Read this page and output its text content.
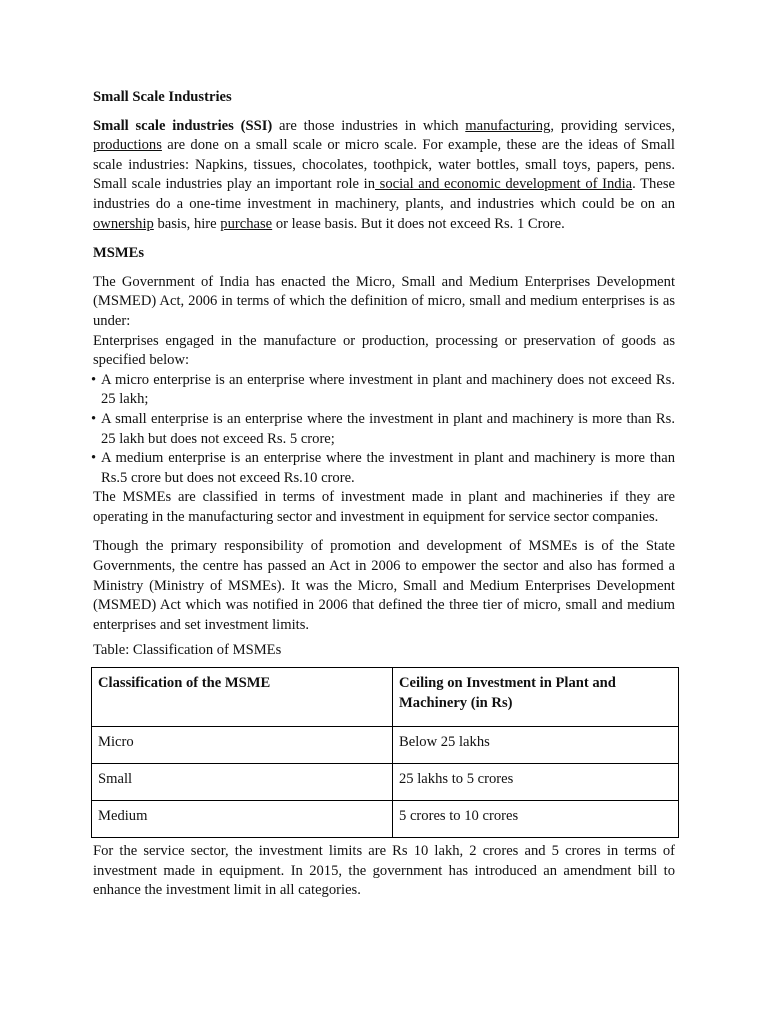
Small Scale Industries

Small scale industries (SSI) are those industries in which manufacturing, providing services, productions are done on a small scale or micro scale. For example, these are the ideas of Small scale industries: Napkins, tissues, chocolates, toothpick, water bottles, small toys, papers, pens. Small scale industries play an important role in social and economic development of India. These industries do a one-time investment in machinery, plants, and industries which could be on an ownership basis, hire purchase or lease basis. But it does not exceed Rs. 1 Crore.

MSMEs

The Government of India has enacted the Micro, Small and Medium Enterprises Development (MSMED) Act, 2006 in terms of which the definition of micro, small and medium enterprises is as under:

Enterprises engaged in the manufacture or production, processing or preservation of goods as specified below:

• A micro enterprise is an enterprise where investment in plant and machinery does not exceed Rs. 25 lakh;
• A small enterprise is an enterprise where the investment in plant and machinery is more than Rs. 25 lakh but does not exceed Rs. 5 crore;
• A medium enterprise is an enterprise where the investment in plant and machinery is more than Rs.5 crore but does not exceed Rs.10 crore.

The MSMEs are classified in terms of investment made in plant and machineries if they are operating in the manufacturing sector and investment in equipment for service sector companies.

Though the primary responsibility of promotion and development of MSMEs is of the State Governments, the centre has passed an Act in 2006 to empower the sector and also has formed a Ministry (Ministry of MSMEs). It was the Micro, Small and Medium Enterprises Development (MSMED) Act which was notified in 2006 that defined the three tier of micro, small and medium enterprises and set investment limits.

Table: Classification of MSMEs

Classification of the MSME	Ceiling on Investment in Plant and Machinery (in Rs)
Micro	Below 25 lakhs
Small	25 lakhs to 5 crores
Medium	5 crores to 10 crores

For the service sector, the investment limits are Rs 10 lakh, 2 crores and 5 crores in terms of investment made in equipment. In 2015, the government has introduced an amendment bill to enhance the investment limit in all categories.
